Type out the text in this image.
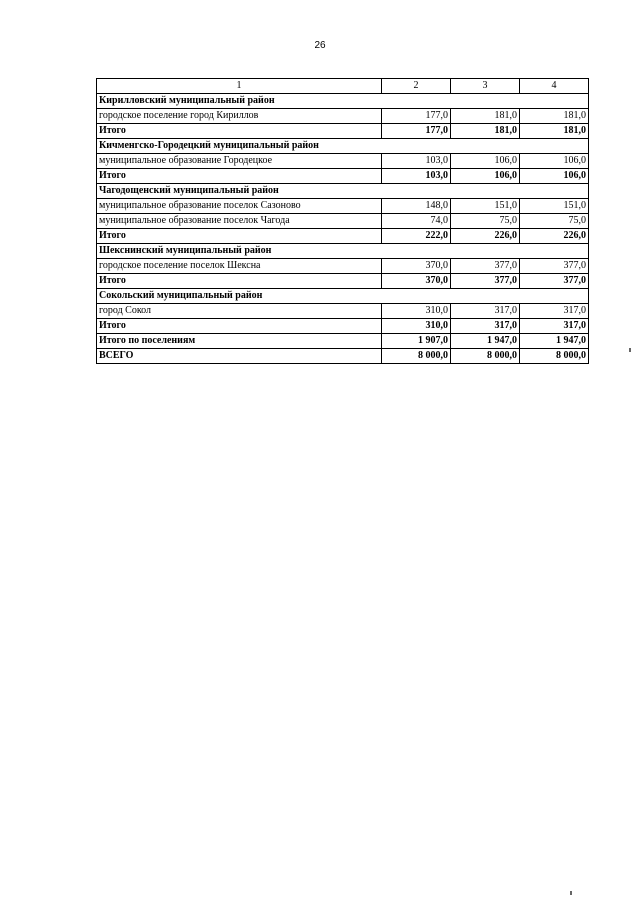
26
1	2	3	4
Кирилловский муниципальный район			
городское поселение город Кириллов	177,0	181,0	181,0
Итого	177,0	181,0	181,0
Кичменгско-Городецкий муниципальный район			
муниципальное образование Городецкое	103,0	106,0	106,0
Итого	103,0	106,0	106,0
Чагодощенский муниципальный район			
муниципальное образование поселок Сазоново	148,0	151,0	151,0
муниципальное образование поселок Чагода	74,0	75,0	75,0
Итого	222,0	226,0	226,0
Шекснинский муниципальный район			
городское поселение поселок Шексна	370,0	377,0	377,0
Итого	370,0	377,0	377,0
Сокольский муниципальный район			
город Сокол	310,0	317,0	317,0
Итого	310,0	317,0	317,0
Итого по поселениям	1 907,0	1 947,0	1 947,0
ВСЕГО	8 000,0	8 000,0	8 000,0
